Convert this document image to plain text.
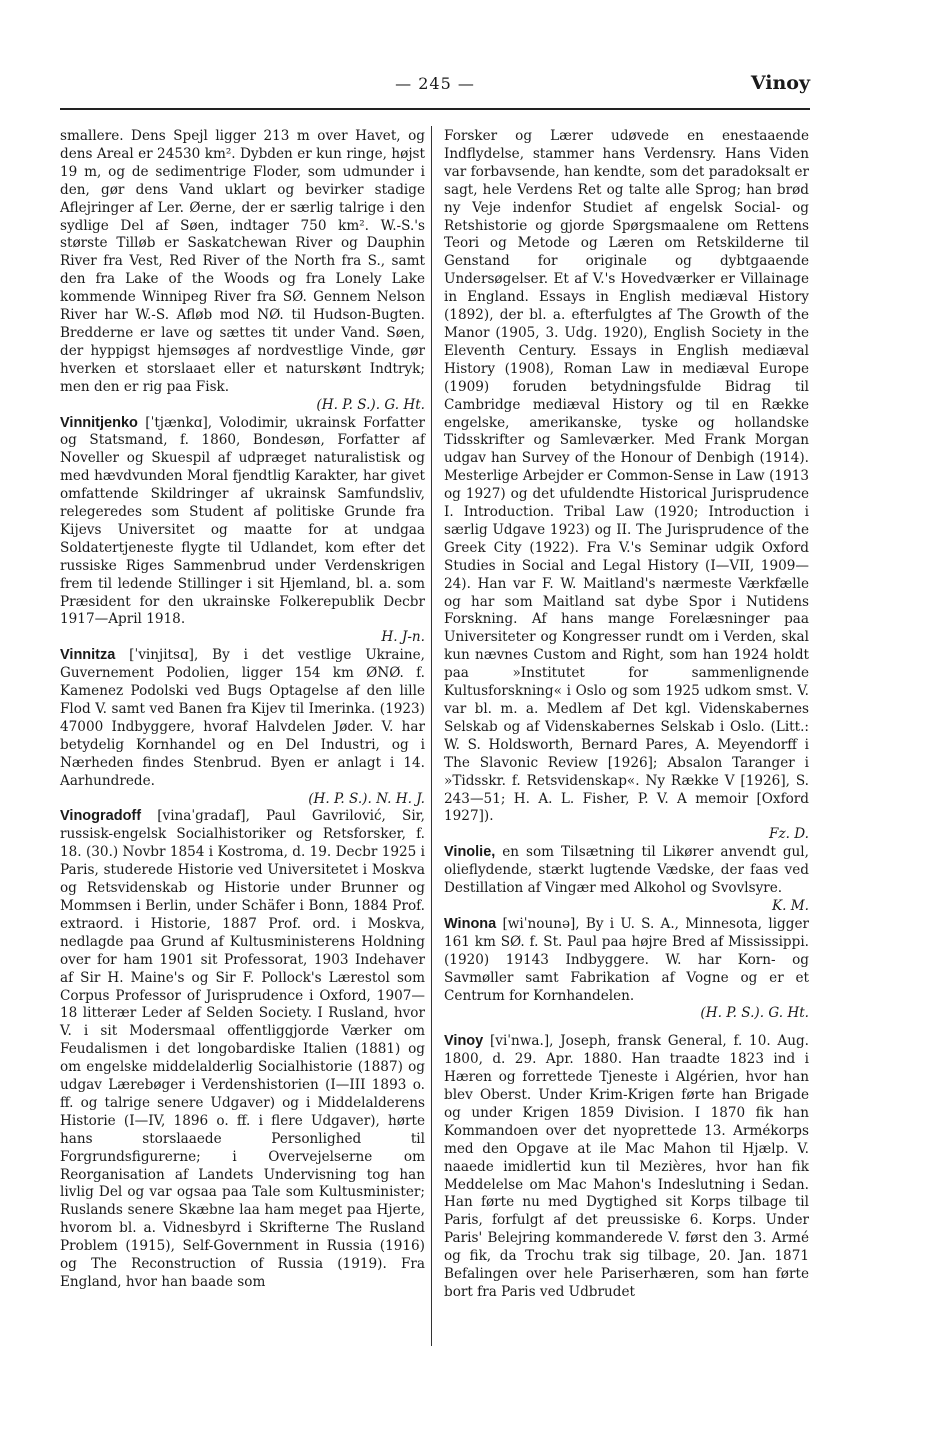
— 245 —	Vinoy

smallere. Dens Spejl ligger 213 m over Havet, og dens Areal er 24530 km². Dybden er kun ringe, højst 19 m, og de sedimentrige Floder, som udmunder i den, gør dens Vand uklart og bevirker stadige Aflejringer af Ler. Øerne, der er særlig talrige i den sydlige Del af Søen, indtager 750 km². W.-S.'s største Tilløb er Saskatchewan River og Dauphin River fra Vest, Red River of the North fra S., samt den fra Lake of the Woods og fra Lonely Lake kommende Winnipeg River fra SØ. Gennem Nelson River har W.-S. Afløb mod NØ. til Hudson-Bugten. Bredderne er lave og sættes tit under Vand. Søen, der hyppigst hjemsøges af nordvestlige Vinde, gør hverken et storslaaet eller et naturskønt Indtryk; men den er rig paa Fisk.

(H. P. S.). G. Ht.

Vinnitjenko [ˈtjænkɑ], Volodimir, ukrainsk Forfatter og Statsmand, f. 1860, Bondesøn, Forfatter af Noveller og Skuespil af udpræget naturalistisk og med hævdvunden Moral fjendtlig Karakter, har givet omfattende Skildringer af ukrainsk Samfundsliv, relegeredes som Student af politiske Grunde fra Kijevs Universitet og maatte for at undgaa Soldatertjeneste flygte til Udlandet, kom efter det russiske Riges Sammenbrud under Verdenskrigen frem til ledende Stillinger i sit Hjemland, bl. a. som Præsident for den ukrainske Folkerepublik Decbr 1917—April 1918.

H. J-n.

Vinnitza [ˈvinjitsɑ], By i det vestlige Ukraine, Guvernement Podolien, ligger 154 km ØNØ. f. Kamenez Podolski ved Bugs Optagelse af den lille Flod V. samt ved Banen fra Kijev til Imerinka. (1923) 47000 Indbyggere, hvoraf Halvdelen Jøder. V. har betydelig Kornhandel og en Del Industri, og i Nærheden findes Stenbrud. Byen er anlagt i 14. Aarhundrede.

(H. P. S.). N. H. J.

Vinogradoff [vinaˈgradaf], Paul Gavrilović, Sir, russisk-engelsk Socialhistoriker og Retsforsker, f. 18. (30.) Novbr 1854 i Kostroma, d. 19. Decbr 1925 i Paris, studerede Historie ved Universitetet i Moskva og Retsvidenskab og Historie under Brunner og Mommsen i Berlin, under Schäfer i Bonn, 1884 Prof. extraord. i Historie, 1887 Prof. ord. i Moskva, nedlagde paa Grund af Kultusministerens Holdning over for ham 1901 sit Professorat, 1903 Indehaver af Sir H. Maine's og Sir F. Pollock's Lærestol som Corpus Professor of Jurisprudence i Oxford, 1907—18 litterær Leder af Selden Society. I Rusland, hvor V. i sit Modersmaal offentliggjorde Værker om Feudalismen i det longobardiske Italien (1881) og om engelske middelalderlig Socialhistorie (1887) og udgav Lærebøger i Verdenshistorien (I—III 1893 o. ff. og talrige senere Udgaver) og i Middelalderens Historie (I—IV, 1896 o. ff. i flere Udgaver), hørte hans storslaaede Personlighed til Forgrundsfigurerne; i Overvejelserne om Reorganisation af Landets Undervisning tog han livlig Del og var ogsaa paa Tale som Kultusminister; Ruslands senere Skæbne laa ham meget paa Hjerte, hvorom bl. a. Vidnesbyrd i Skrifterne The Rusland Problem (1915), Self-Government in Russia (1916) og The Reconstruction of Russia (1919). Fra England, hvor han baade som

Forsker og Lærer udøvede en enestaaende Indflydelse, stammer hans Verdensry. Hans Viden var forbavsende, han kendte, som det paradoksalt er sagt, hele Verdens Ret og talte alle Sprog; han brød ny Veje indenfor Studiet af engelsk Social- og Retshistorie og gjorde Spørgsmaalene om Rettens Teori og Metode og Læren om Retskilderne til Genstand for originale og dybtgaaende Undersøgelser. Et af V.'s Hovedværker er Villainage in England. Essays in English mediæval History (1892), der bl. a. efterfulgtes af The Growth of the Manor (1905, 3. Udg. 1920), English Society in the Eleventh Century. Essays in English mediæval History (1908), Roman Law in mediæval Europe (1909) foruden betydningsfulde Bidrag til Cambridge mediæval History og til en Række engelske, amerikanske, tyske og hollandske Tidsskrifter og Samleværker. Med Frank Morgan udgav han Survey of the Honour of Denbigh (1914). Mesterlige Arbejder er Common-Sense in Law (1913 og 1927) og det ufuldendte Historical Jurisprudence I. Introduction. Tribal Law (1920; Introduction i særlig Udgave 1923) og II. The Jurisprudence of the Greek City (1922). Fra V.'s Seminar udgik Oxford Studies in Social and Legal History (I—VII, 1909—24). Han var F. W. Maitland's nærmeste Værkfælle og har som Maitland sat dybe Spor i Nutidens Forskning. Af hans mange Forelæsninger paa Universiteter og Kongresser rundt om i Verden, skal kun nævnes Custom and Right, som han 1924 holdt paa »Institutet for sammenlignende Kultusforskning« i Oslo og som 1925 udkom smst. V. var bl. m. a. Medlem af Det kgl. Videnskabernes Selskab og af Videnskabernes Selskab i Oslo. (Litt.: W. S. Holdsworth, Bernard Pares, A. Meyendorff i The Slavonic Review [1926]; Absalon Taranger i »Tidsskr. f. Retsvidenskap«. Ny Række V [1926], S. 243—51; H. A. L. Fisher, P. V. A memoir [Oxford 1927]).

Fz. D.

Vinolie, en som Tilsætning til Likører anvendt gul, olieflydende, stærkt lugtende Vædske, der faas ved Destillation af Vingær med Alkohol og Svovlsyre.

K. M.

Winona [wiˈnounə], By i U. S. A., Minnesota, ligger 161 km SØ. f. St. Paul paa højre Bred af Mississippi. (1920) 19143 Indbyggere. W. har Korn- og Savmøller samt Fabrikation af Vogne og er et Centrum for Kornhandelen.

(H. P. S.). G. Ht.

Vinoy [viˈnwa.], Joseph, fransk General, f. 10. Aug. 1800, d. 29. Apr. 1880. Han traadte 1823 ind i Hæren og forrettede Tjeneste i Algérien, hvor han blev Oberst. Under Krim-Krigen førte han Brigade og under Krigen 1859 Division. I 1870 fik han Kommandoen over det nyoprettede 13. Armékorps med den Opgave at ile Mac Mahon til Hjælp. V. naaede imidlertid kun til Mezières, hvor han fik Meddelelse om Mac Mahon's Indeslutning i Sedan. Han førte nu med Dygtighed sit Korps tilbage til Paris, forfulgt af det preussiske 6. Korps. Under Paris' Belejring kommanderede V. først den 3. Armé og fik, da Trochu trak sig tilbage, 20. Jan. 1871 Befalingen over hele Pariserhæren, som han førte bort fra Paris ved Udbrudet
